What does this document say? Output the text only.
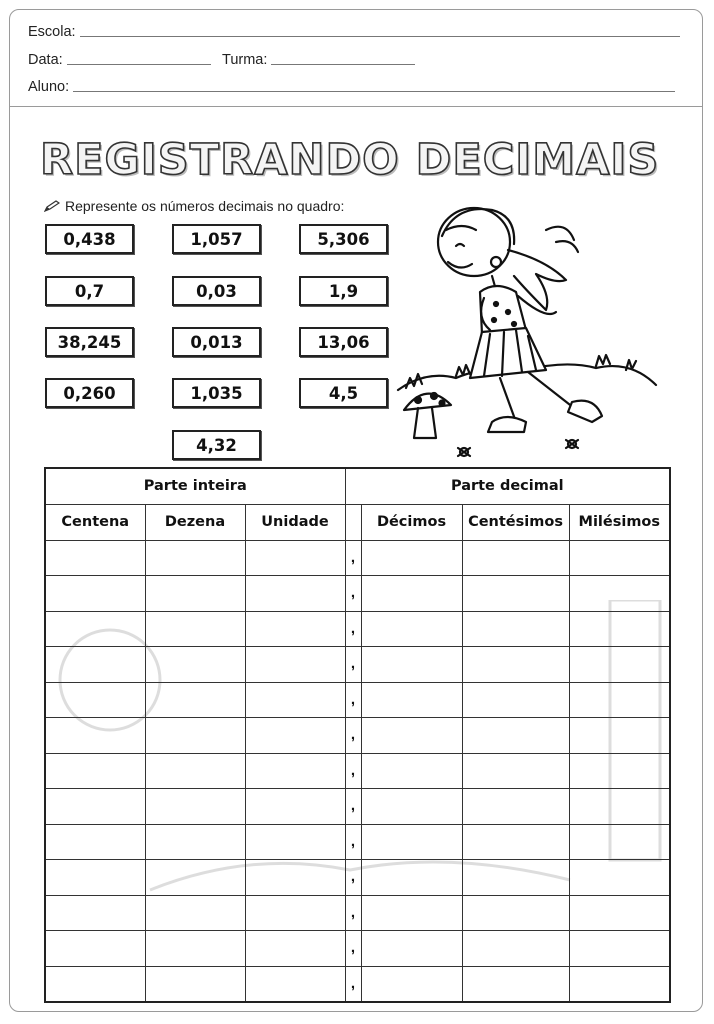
Escola:
Data:	Turma:
Aluno:
REGISTRANDO DECIMAIS
Represente os números decimais no quadro:
0,438
0,7
38,245
0,260
1,057
0,03
0,013
1,035
4,32
5,306
1,9
13,06
4,5
Parte inteira			Parte decimal			
Centena	Dezena	Unidade		Décimos	Centésimos	Milésimos
			,			
			,			
			,			
			,			
			,			
			,			
			,			
			,			
			,			
			,			
			,			
			,			
			,			
